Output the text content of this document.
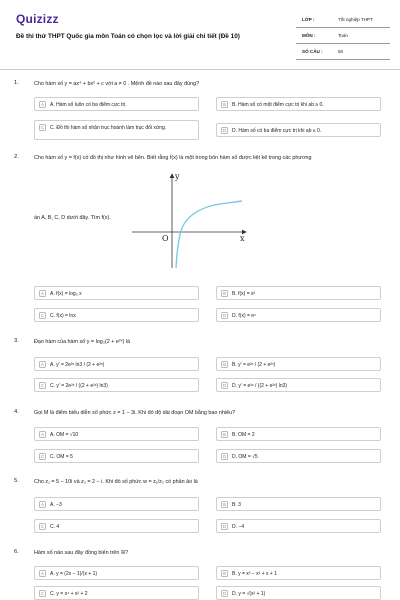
Quizizz
Đề thi thử THPT Quốc gia môn Toán có chọn lọc và lời giải chi tiết (Đề 10)
LỚP :	Tốt nghiệp THPT
MÔN :	Toán
SỐ CÂU :	50
1.	Cho hàm số y = ax⁴ + bx² + c với a ≠ 0 . Mệnh đề nào sau đây đúng?
A	A. Hàm số luôn có ba điểm cực trị.	B	B. Hàm số có một điểm cực trị khi ab ≥ 0.
C	C. Đồ thị hàm số nhận trục hoành làm trục đối xứng.	D	D. Hàm số có ba điểm cực trị khi ab ≤ 0.
2.	Cho hàm số y = f(x) có đồ thị như hình vẽ bên. Biết rằng f(x) là một trong bốn hàm số được liệt kê trong các phương
án A, B, C, D dưới đây. Tìm f(x).
y
x
O
A	A. f(x) = log₃ x	B	B. f(x) = x²
C	C. f(x) = lnx	D	D. f(x) = eˣ
3.	Đạo hàm của hàm số y = log₃(2 + e²ˣ) là
A	A. y′ = 2e²ˣ ln3 / (2 + e²ˣ)	B	B. y′ = e²ˣ / (2 + e²ˣ)
C	C. y′ = 2e²ˣ / ((2 + e²ˣ) ln3)	D	D. y′ = e²ˣ / ((2 + e²ˣ) ln3)
4.	Gọi M là điểm biểu diễn số phức z = 1 − 3i. Khi đó độ dài đoạn OM bằng bao nhiêu?
A	A. OM = √10	B	B. OM = 2
C	C. OM = 5	D	D. OM = √5
5.	Cho z₁ = 5 − 10i và z₂ = 2 − i. Khi đó số phức w = z₁/z₂ có phần ảo là
A	A. −3	B	B. 3
C	C. 4	D	D. −4
6.	Hàm số nào sau đây đồng biến trên ℝ?
A	A. y = (2x − 1)/(x + 1)	B	B. y = x³ − x² + x + 1
C	C. y = x⁴ + x² + 2	D	D. y = √(x² + 1)
